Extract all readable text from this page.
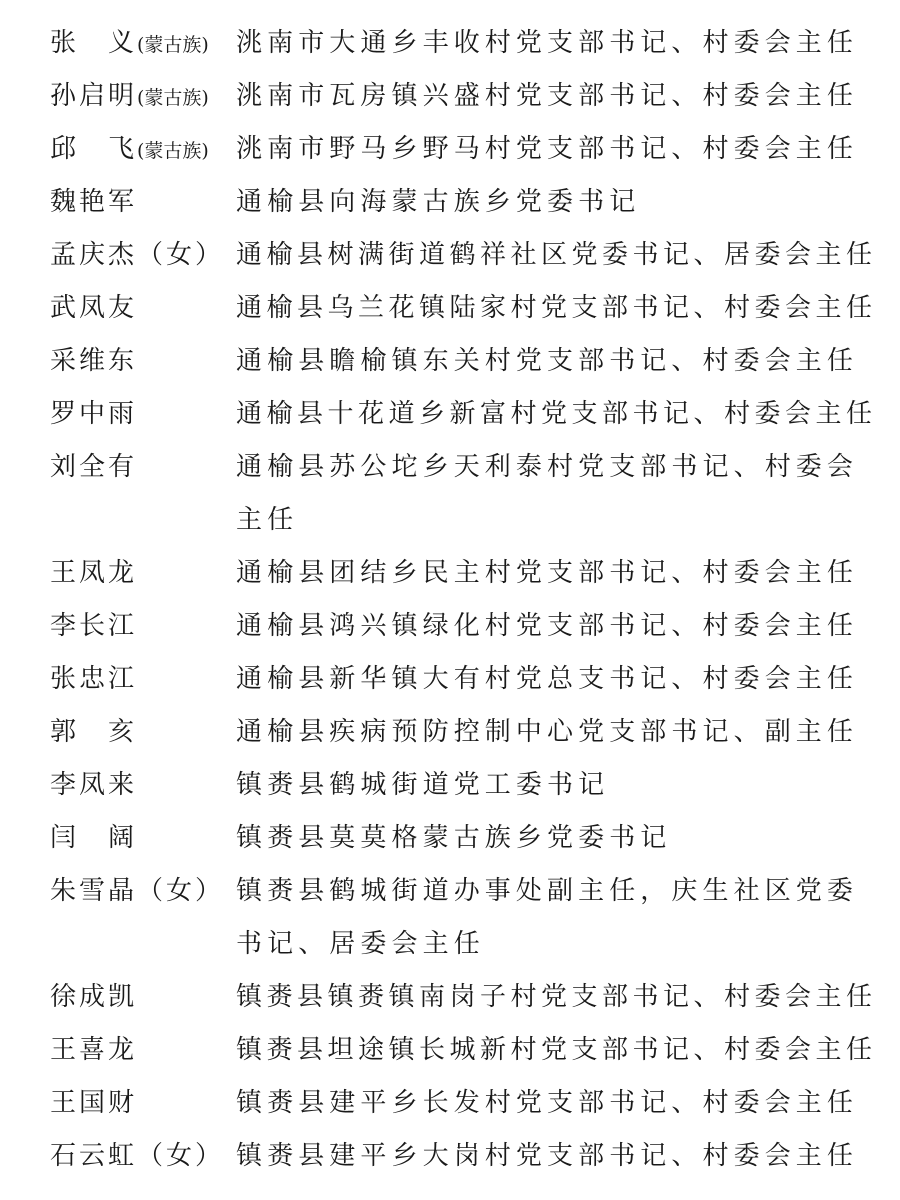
张　义(蒙古族) 洮南市大通乡丰收村党支部书记、村委会主任
孙启明(蒙古族) 洮南市瓦房镇兴盛村党支部书记、村委会主任
邱　飞(蒙古族) 洮南市野马乡野马村党支部书记、村委会主任
魏艳军	通榆县向海蒙古族乡党委书记
孟庆杰（女） 通榆县树满街道鹤祥社区党委书记、居委会主任
武凤友	通榆县乌兰花镇陆家村党支部书记、村委会主任
采维东	通榆县瞻榆镇东关村党支部书记、村委会主任
罗中雨	通榆县十花道乡新富村党支部书记、村委会主任
刘全有	通榆县苏公坨乡天利泰村党支部书记、村委会
主任
王凤龙	通榆县团结乡民主村党支部书记、村委会主任
李长江	通榆县鸿兴镇绿化村党支部书记、村委会主任
张忠江	通榆县新华镇大有村党总支书记、村委会主任
郭　亥	通榆县疾病预防控制中心党支部书记、副主任
李凤来	镇赉县鹤城街道党工委书记
闫　阔	镇赉县莫莫格蒙古族乡党委书记
朱雪晶（女） 镇赉县鹤城街道办事处副主任，庆生社区党委
书记、居委会主任
徐成凯	镇赉县镇赉镇南岗子村党支部书记、村委会主任
王喜龙	镇赉县坦途镇长城新村党支部书记、村委会主任
王国财	镇赉县建平乡长发村党支部书记、村委会主任
石云虹（女） 镇赉县建平乡大岗村党支部书记、村委会主任
